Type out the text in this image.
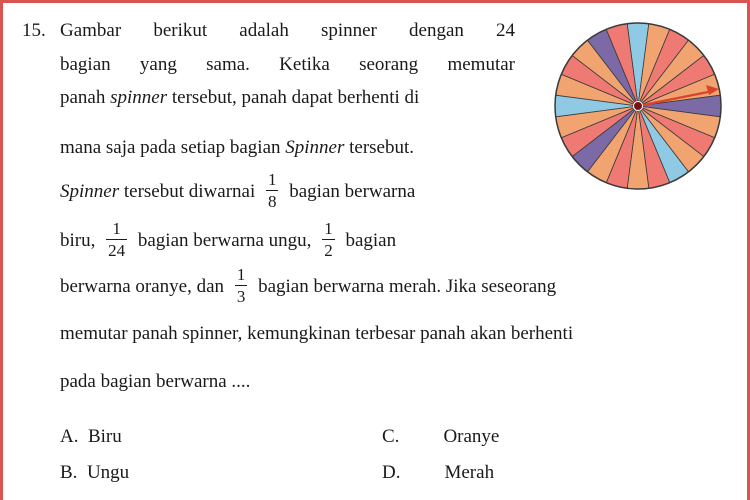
15. Gambar berikut adalah spinner dengan 24
bagian yang sama. Ketika seorang memutar
panah spinner tersebut, panah dapat berhenti di
mana saja pada setiap bagian Spinner tersebut.
Spinner tersebut diwarnai $\frac{1}{8}$ bagian berwarna
biru, $\frac{1}{24}$ bagian berwarna ungu, $\frac{1}{2}$ bagian
berwarna oranye, dan $\frac{1}{3}$ bagian berwarna merah. Jika seseorang
memutar panah spinner, kemungkinan terbesar panah akan berhenti
pada bagian berwarna ....
A. Biru
B. Ungu
C. Oranye
D. Merah
